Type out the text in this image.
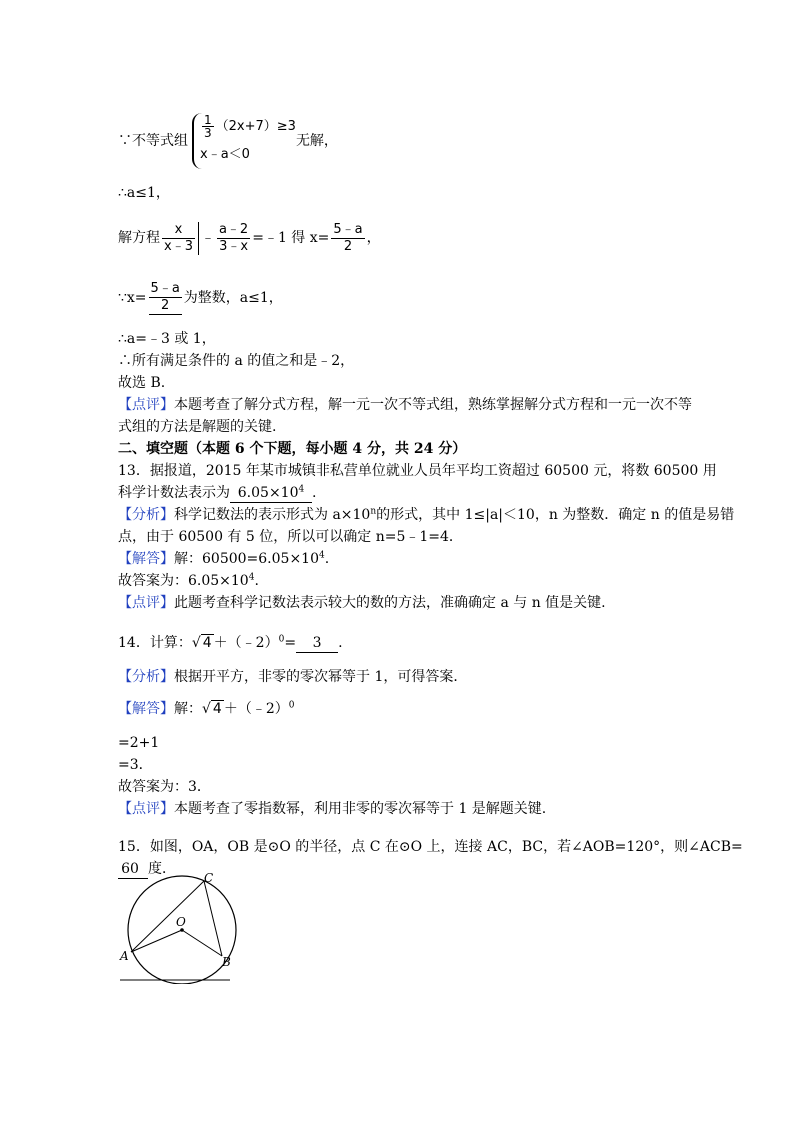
∵不等式组
$\frac{1}{3} (2x+7)\ge 3$
x﹣a＜0
无解，
∴a≤1，
解方程 $\frac{x}{x﹣3}$ ﹣ $\frac{a﹣2}{3﹣x}$ =﹣1 得 $x= \frac{5﹣a}{2}$ ，
∵x= $\frac{5﹣a}{2}$ 为整数，a≤1，
∴a=﹣3 或 1，
∴所有满足条件的 a 的值之和是﹣2，
故选 B.
【点评】本题考查了解分式方程，解一元一次不等式组，熟练掌握解分式方程和一元一次不等
式组的方法是解题的关键.
二、填空题（本题 6 个下题，每小题 4 分，共 24 分）
13．据报道，2015 年某市城镇非私营单位就业人员年平均工资超过 60500 元，将数 60500 用
科学计数法表示为 $6.05\times 10^4$ .
【分析】科学记数法的表示形式为 $a\times 10^n$的形式，其中 1≤|a|＜10，n 为整数．确定 n 的值是易错
点，由于 60500 有 5 位，所以可以确定 n=5﹣1=4．
【解答】解：$60500=6.05\times 10^4$.
故答案为：$6.05\times 10^4$.
【点评】此题考查科学记数法表示较大的数的方法，准确确定 a 与 n 值是关键.
14．计算：√ 4 ＋（﹣2）$^0$= 3 .
【分析】根据开平方，非零的零次幂等于 1，可得答案．
【解答】解：√ 4 ＋（﹣2）$^0$
=2+1
=3．
故答案为：3．
【点评】本题考查了零指数幂，利用非零的零次幂等于 1 是解题关键.
15．如图，OA，OB 是⊙O 的半径，点 C 在⊙O 上，连接 AC，BC，若∠AOB=120°，则∠ACB=
60 度．
C
O
A	B
